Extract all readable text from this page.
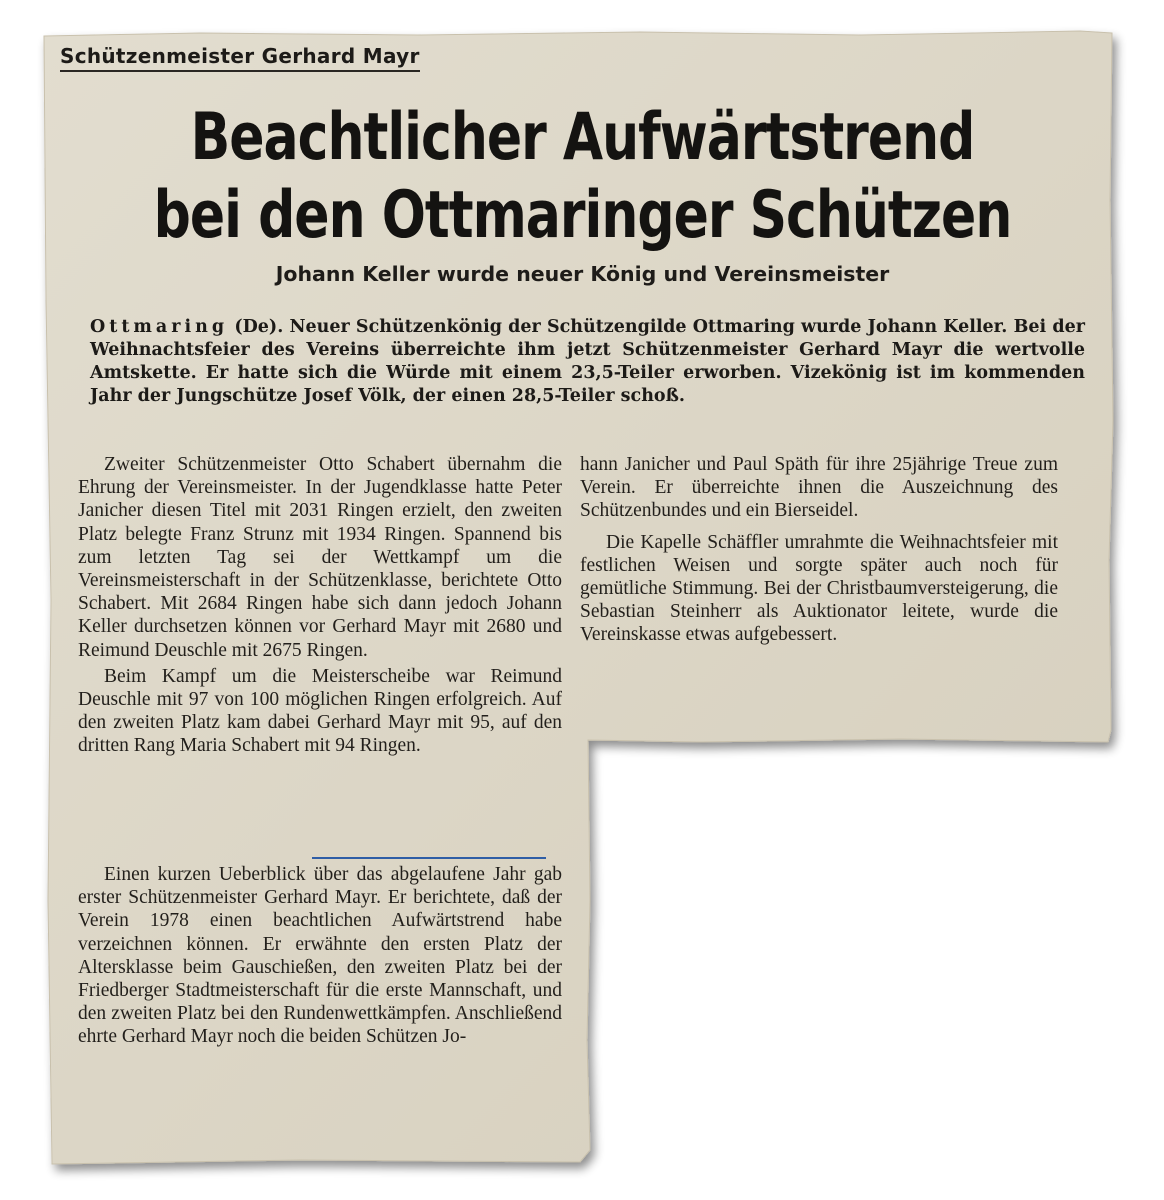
Schützenmeister Gerhard Mayr
Beachtlicher Aufwärtstrend
bei den Ottmaringer Schützen
Johann Keller wurde neuer König und Vereinsmeister
Ottmaring (De). Neuer Schützenkönig der Schützengilde Ottmaring wurde Johann Keller. Bei der Weihnachtsfeier des Vereins überreichte ihm jetzt Schützenmeister Gerhard Mayr die wertvolle Amtskette. Er hatte sich die Würde mit einem 23,5-Teiler erworben. Vizekönig ist im kommenden Jahr der Jungschütze Josef Völk, der einen 28,5-Teiler schoß.

Zweiter Schützenmeister Otto Schabert übernahm die Ehrung der Vereinsmeister. In der Jugendklasse hatte Peter Janicher diesen Titel mit 2031 Ringen erzielt, den zweiten Platz belegte Franz Strunz mit 1934 Ringen. Spannend bis zum letzten Tag sei der Wettkampf um die Vereinsmeisterschaft in der Schützenklasse, berichtete Otto Schabert. Mit 2684 Ringen habe sich dann jedoch Johann Keller durchsetzen können vor Gerhard Mayr mit 2680 und Reimund Deuschle mit 2675 Ringen.

Beim Kampf um die Meisterscheibe war Reimund Deuschle mit 97 von 100 möglichen Ringen erfolgreich. Auf den zweiten Platz kam dabei Gerhard Mayr mit 95, auf den dritten Rang Maria Schabert mit 94 Ringen.

Einen kurzen Ueberblick über das abgelaufene Jahr gab erster Schützenmeister Gerhard Mayr. Er berichtete, daß der Verein 1978 einen beachtlichen Aufwärtstrend habe verzeichnen können. Er erwähnte den ersten Platz der Altersklasse beim Gauschießen, den zweiten Platz bei der Friedberger Stadtmeisterschaft für die erste Mannschaft, und den zweiten Platz bei den Rundenwettkämpfen. Anschließend ehrte Gerhard Mayr noch die beiden Schützen Jo-

hann Janicher und Paul Späth für ihre 25jährige Treue zum Verein. Er überreichte ihnen die Auszeichnung des Schützenbundes und ein Bierseidel.

Die Kapelle Schäffler umrahmte die Weihnachtsfeier mit festlichen Weisen und sorgte später auch noch für gemütliche Stimmung. Bei der Christbaumversteigerung, die Sebastian Steinherr als Auktionator leitete, wurde die Vereinskasse etwas aufgebessert.
